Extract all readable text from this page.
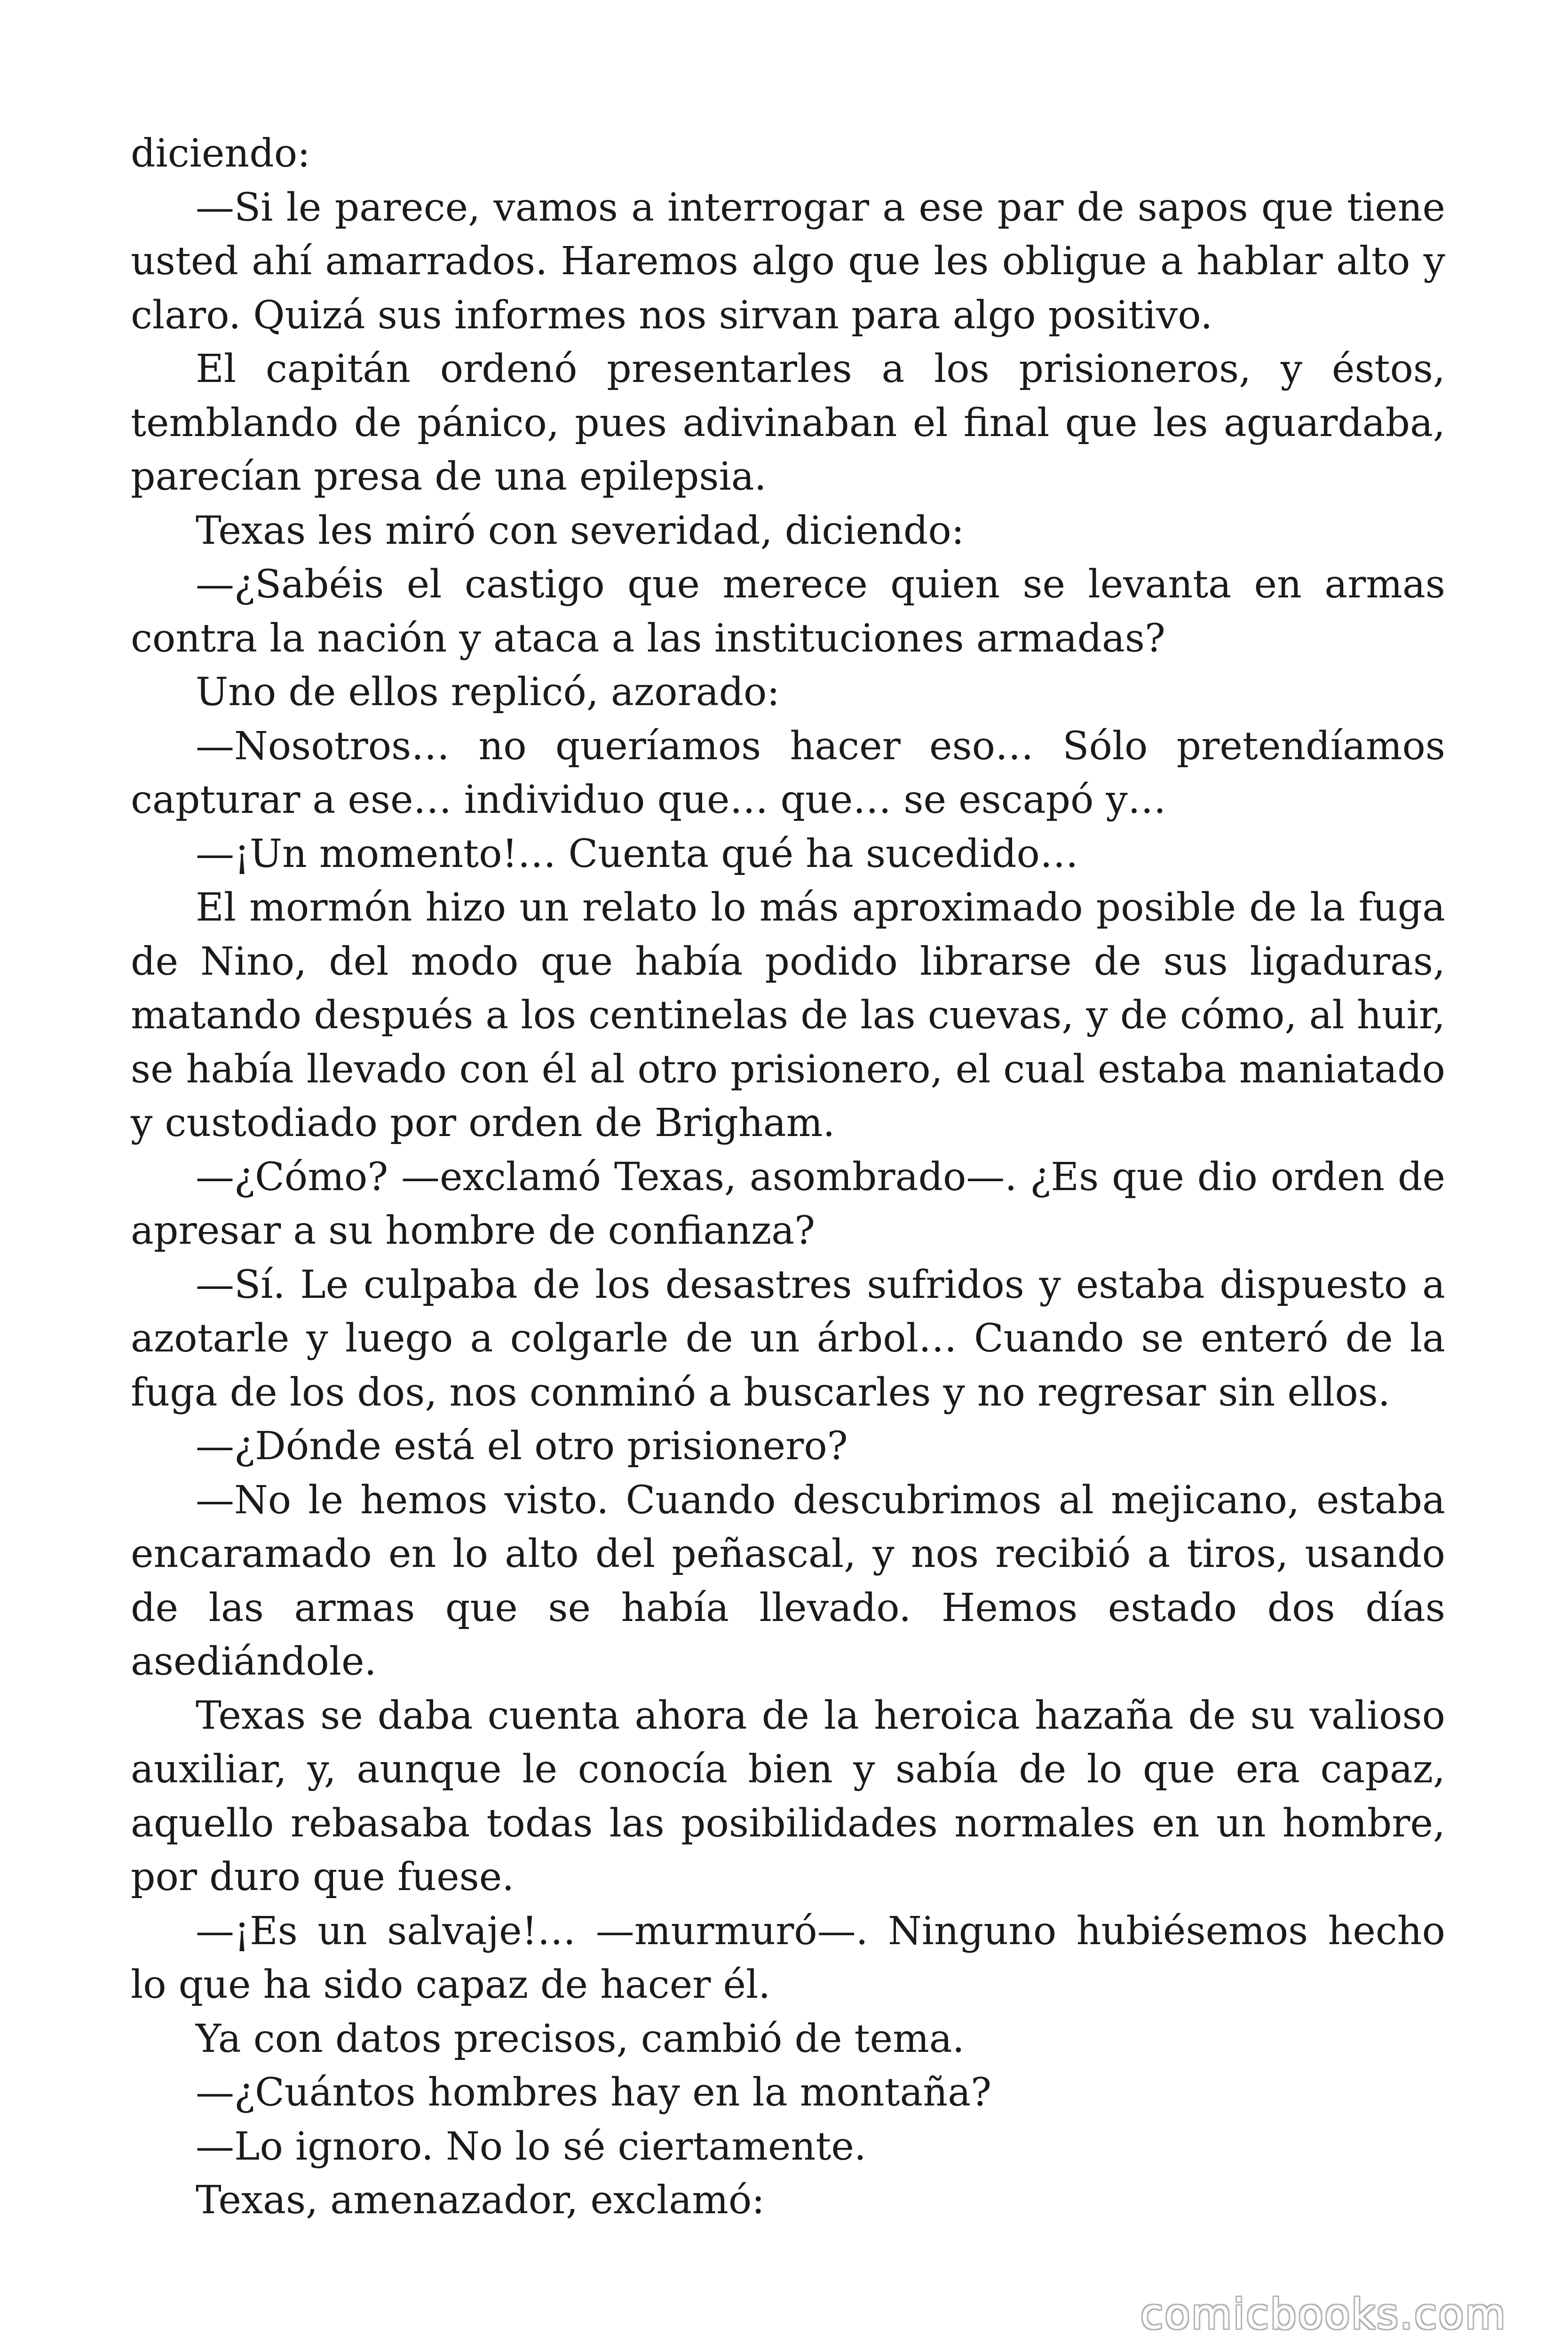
diciendo:

—Si le parece, vamos a interrogar a ese par de sapos que tiene usted ahí amarrados. Haremos algo que les obligue a hablar alto y claro. Quizá sus informes nos sirvan para algo positivo.

El capitán ordenó presentarles a los prisioneros, y éstos, temblando de pánico, pues adivinaban el final que les aguardaba, parecían presa de una epilepsia.

Texas les miró con severidad, diciendo:

—¿Sabéis el castigo que merece quien se levanta en armas contra la nación y ataca a las instituciones armadas?

Uno de ellos replicó, azorado:

—Nosotros… no queríamos hacer eso… Sólo pretendíamos capturar a ese… individuo que… que… se escapó y…

—¡Un momento!… Cuenta qué ha sucedido…

El mormón hizo un relato lo más aproximado posible de la fuga de Nino, del modo que había podido librarse de sus ligaduras, matando después a los centinelas de las cuevas, y de cómo, al huir, se había llevado con él al otro prisionero, el cual estaba maniatado y custodiado por orden de Brigham.

—¿Cómo? —exclamó Texas, asombrado—. ¿Es que dio orden de apresar a su hombre de confianza?

—Sí. Le culpaba de los desastres sufridos y estaba dispuesto a azotarle y luego a colgarle de un árbol… Cuando se enteró de la fuga de los dos, nos conminó a buscarles y no regresar sin ellos.

—¿Dónde está el otro prisionero?

—No le hemos visto. Cuando descubrimos al mejicano, estaba encaramado en lo alto del peñascal, y nos recibió a tiros, usando de las armas que se había llevado. Hemos estado dos días asediándole.

Texas se daba cuenta ahora de la heroica hazaña de su valioso auxiliar, y, aunque le conocía bien y sabía de lo que era capaz, aquello rebasaba todas las posibilidades normales en un hombre, por duro que fuese.

—¡Es un salvaje!… —murmuró—. Ninguno hubiésemos hecho lo que ha sido capaz de hacer él.

Ya con datos precisos, cambió de tema.

—¿Cuántos hombres hay en la montaña?

—Lo ignoro. No lo sé ciertamente.

Texas, amenazador, exclamó:

comicbooks.com
